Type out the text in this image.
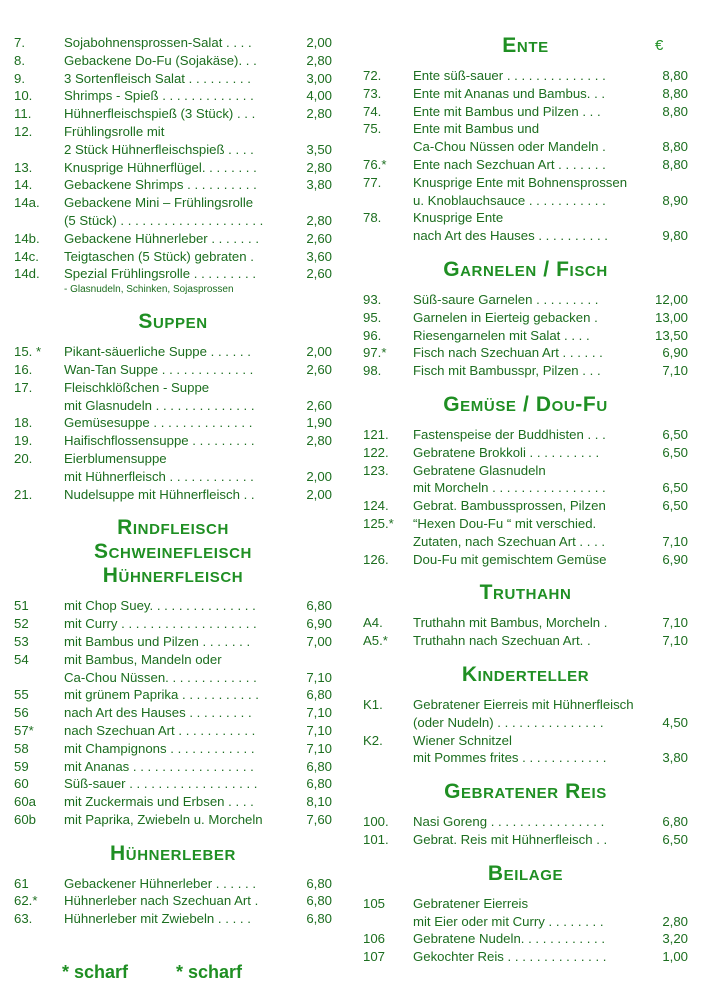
7.	Sojabohnensprossen-Salat . . . .	2,00
8.	Gebackene Do-Fu (Sojakäse). . .	2,80
9.	3 Sortenfleisch Salat . . . . . . . . .	3,00
10. Shrimps - Spieß . . . . . . . . . . . . .	4,00
11. Hühnerfleischspieß (3 Stück) . . .	2,80
12. Frühlingsrolle mit
2 Stück Hühnerfleischspieß . . . .	3,50
13. Knusprige Hühnerflügel. . . . . . . .	2,80
14. Gebackene Shrimps . . . . . . . . . .	3,80
14a. Gebackene Mini – Frühlingsrolle
(5 Stück) . . . . . . . . . . . . . . . . . . . .	2,80
14b. Gebackene Hühnerleber . . . . . . .	2,60
14c. Teigtaschen (5 Stück) gebraten .	3,60
14d. Spezial Frühlingsrolle . . . . . . . . .	2,60
- Glasnudeln, Schinken, Sojasprossen
Suppen
15. * Pikant-säuerliche Suppe . . . . . .	2,00
16. Wan-Tan Suppe . . . . . . . . . . . . .	2,60
17. Fleischklößchen - Suppe
mit Glasnudeln . . . . . . . . . . . . . .	2,60
18. Gemüsesuppe . . . . . . . . . . . . . .	1,90
19. Haifischflossensuppe . . . . . . . . .	2,80
20. Eierblumensuppe
mit Hühnerfleisch . . . . . . . . . . . .	2,00
21. Nudelsuppe mit Hühnerfleisch . .	2,00
Rindfleisch
Schweinefleisch
Hühnerfleisch
51	mit Chop Suey. . . . . . . . . . . . . . .	6,80
52	mit Curry . . . . . . . . . . . . . . . . . . .	6,90
53	mit Bambus und Pilzen . . . . . . .	7,00
54	mit Bambus, Mandeln oder
Ca-Chou Nüssen. . . . . . . . . . . . .	7,10
55	mit grünem Paprika . . . . . . . . . . .	6,80
56	nach Art des Hauses . . . . . . . . .	7,10
57* nach Szechuan Art . . . . . . . . . . .	7,10
58	mit Champignons . . . . . . . . . . . .	7,10
59	mit Ananas . . . . . . . . . . . . . . . . .	6,80
60	Süß-sauer . . . . . . . . . . . . . . . . . .	6,80
60a mit Zuckermais und Erbsen . . . .	8,10
60b mit Paprika, Zwiebeln u. Morcheln	7,60
Hühnerleber
61	Gebackener Hühnerleber . . . . . .	6,80
62.* Hühnerleber nach Szechuan Art .	6,80
63. Hühnerleber mit Zwiebeln . . . . .	6,80
Ente	€
72. Ente süß-sauer . . . . . . . . . . . . . .	8,80
73. Ente mit Ananas und Bambus. . .	8,80
74. Ente mit Bambus und Pilzen . . .	8,80
75. Ente mit Bambus und
Ca-Chou Nüssen oder Mandeln .	8,80
76.* Ente nach Sezchuan Art . . . . . . .	8,80
77. Knusprige Ente mit Bohnensprossen
u. Knoblauchsauce . . . . . . . . . . .	8,90
78. Knusprige Ente
nach Art des Hauses . . . . . . . . . .	9,80
Garnelen / Fisch
93. Süß-saure Garnelen . . . . . . . . .	12,00
95. Garnelen in Eierteig gebacken .	13,00
96. Riesengarnelen mit Salat . . . .	13,50
97.* Fisch nach Szechuan Art . . . . . .	6,90
98. Fisch mit Bambusspr, Pilzen . . .	7,10
Gemüse / Dou-Fu
121. Fastenspeise der Buddhisten . . .	6,50
122. Gebratene Brokkoli . . . . . . . . . .	6,50
123. Gebratene Glasnudeln
mit Morcheln . . . . . . . . . . . . . . . .	6,50
124. Gebrat. Bambussprossen, Pilzen	6,50
125.* “Hexen Dou-Fu “ mit verschied.
Zutaten, nach Szechuan Art . . . .	7,10
126. Dou-Fu mit gemischtem Gemüse	6,90
Truthahn
A4. Truthahn mit Bambus, Morcheln .	7,10
A5.* Truthahn nach Szechuan Art. .	7,10
Kinderteller
K1. Gebratener Eierreis mit Hühnerfleisch
(oder Nudeln) . . . . . . . . . . . . . . .	4,50
K2. Wiener Schnitzel
mit Pommes frites . . . . . . . . . . . .	3,80
Gebratener Reis
100. Nasi Goreng . . . . . . . . . . . . . . . .	6,80
101. Gebrat. Reis mit Hühnerfleisch . .	6,50
Beilage
105 Gebratener Eierreis
mit Eier oder mit Curry . . . . . . . .	2,80
106 Gebratene Nudeln. . . . . . . . . . . .	3,20
107 Gekochter Reis . . . . . . . . . . . . . .	1,00
* scharf	* scharf
